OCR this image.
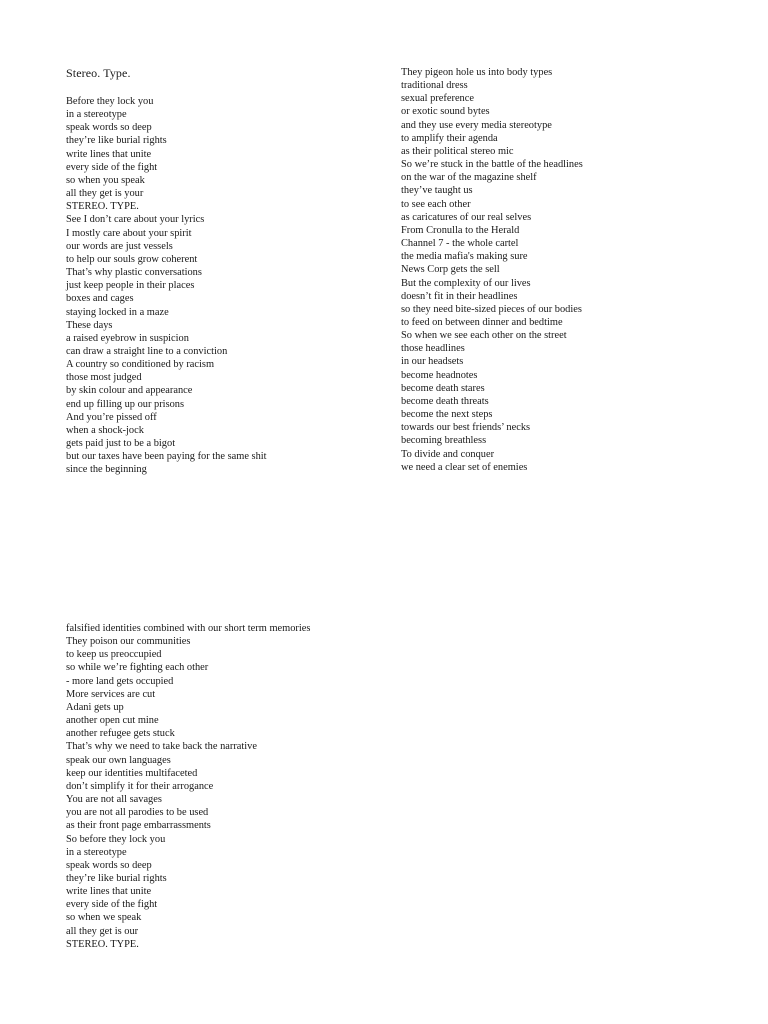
Stereo. Type.
Before they lock you
in a stereotype
speak words so deep
they’re like burial rights
write lines that unite
every side of the fight
so when you speak
all they get is your
STEREO. TYPE.
See I don’t care about your lyrics
I mostly care about your spirit
our words are just vessels
to help our souls grow coherent
That’s why plastic conversations
just keep people in their places
boxes and cages
staying locked in a maze
These days
a raised eyebrow in suspicion
can draw a straight line to a conviction
A country so conditioned by racism
those most judged
by skin colour and appearance
end up filling up our prisons
And you’re pissed off
when a shock-jock
gets paid just to be a bigot
but our taxes have been paying for the same shit
since the beginning
They pigeon hole us into body types
traditional dress
sexual preference
or exotic sound bytes
and they use every media stereotype
to amplify their agenda
as their political stereo mic
So we’re stuck in the battle of the headlines
on the war of the magazine shelf
they’ve taught us
to see each other
as caricatures of our real selves
From Cronulla to the Herald
Channel 7 - the whole cartel
the media mafia's making sure
News Corp gets the sell
But the complexity of our lives
doesn’t fit in their headlines
so they need bite-sized pieces of our bodies
to feed on between dinner and bedtime
So when we see each other on the street
those headlines
in our headsets
become headnotes
become death stares
become death threats
become the next steps
towards our best friends’ necks
becoming breathless
To divide and conquer
we need a clear set of enemies
falsified identities combined with our short term memories
They poison our communities
to keep us preoccupied
so while we’re fighting each other
- more land gets occupied
More services are cut
Adani gets up
another open cut mine
another refugee gets stuck
That’s why we need to take back the narrative
speak our own languages
keep our identities multifaceted
don’t simplify it for their arrogance
You are not all savages
you are not all parodies to be used
as their front page embarrassments
So before they lock you
in a stereotype
speak words so deep
they’re like burial rights
write lines that unite
every side of the fight
so when we speak
all they get is our
STEREO. TYPE.
